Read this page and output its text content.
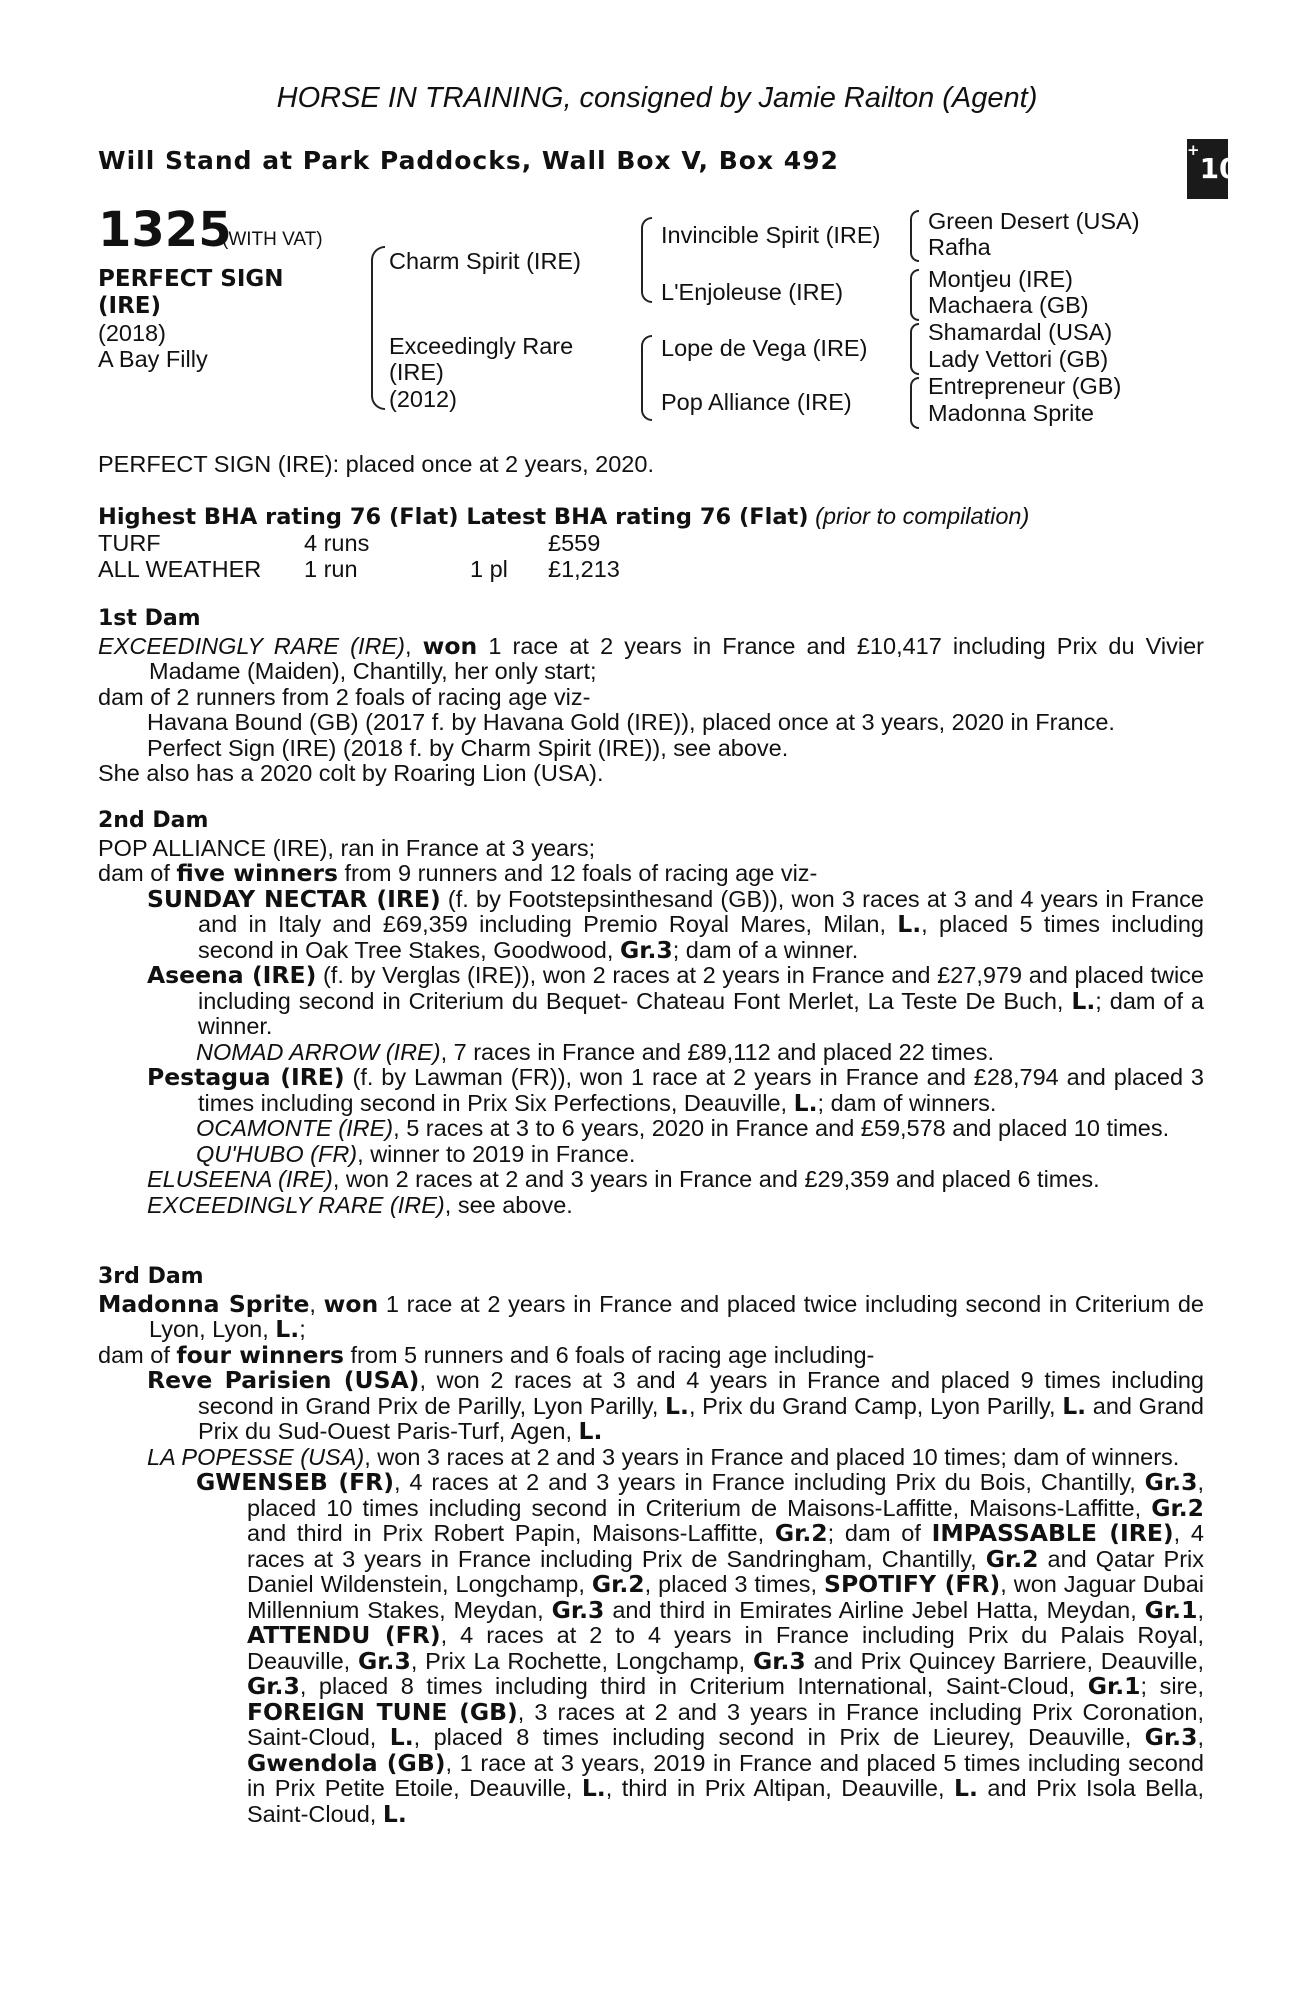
HORSE IN TRAINING, consigned by Jamie Railton (Agent)
Will Stand at Park Paddocks, Wall Box V, Box 492	+10
1325
(WITH VAT)
PERFECT SIGN
(IRE)
(2018)
A Bay Filly
Charm Spirit (IRE)
Exceedingly Rare
(IRE)
(2012)
Invincible Spirit (IRE)
L'Enjoleuse (IRE)
Lope de Vega (IRE)
Pop Alliance (IRE)
Green Desert (USA)
Rafha
Montjeu (IRE)
Machaera (GB)
Shamardal (USA)
Lady Vettori (GB)
Entrepreneur (GB)
Madonna Sprite
PERFECT SIGN (IRE): placed once at 2 years, 2020.
Highest BHA rating 76 (Flat) Latest BHA rating 76 (Flat) (prior to compilation)
TURF	4 runs	£559
ALL WEATHER 1 run	1 pl £1,213
1st Dam

EXCEEDINGLY RARE (IRE), won 1 race at 2 years in France and £10,417 including Prix du Vivier Madame (Maiden), Chantilly, her only start;

dam of 2 runners from 2 foals of racing age viz-

Havana Bound (GB) (2017 f. by Havana Gold (IRE)), placed once at 3 years, 2020 in France.

Perfect Sign (IRE) (2018 f. by Charm Spirit (IRE)), see above.

She also has a 2020 colt by Roaring Lion (USA).

2nd Dam

POP ALLIANCE (IRE), ran in France at 3 years;

dam of five winners from 9 runners and 12 foals of racing age viz-

SUNDAY NECTAR (IRE) (f. by Footstepsinthesand (GB)), won 3 races at 3 and 4 years in France and in Italy and £69,359 including Premio Royal Mares, Milan, L., placed 5 times including second in Oak Tree Stakes, Goodwood, Gr.3; dam of a winner.

Aseena (IRE) (f. by Verglas (IRE)), won 2 races at 2 years in France and £27,979 and placed twice including second in Criterium du Bequet- Chateau Font Merlet, La Teste De Buch, L.; dam of a winner.

NOMAD ARROW (IRE), 7 races in France and £89,112 and placed 22 times.

Pestagua (IRE) (f. by Lawman (FR)), won 1 race at 2 years in France and £28,794 and placed 3 times including second in Prix Six Perfections, Deauville, L.; dam of winners.

OCAMONTE (IRE), 5 races at 3 to 6 years, 2020 in France and £59,578 and placed 10 times.

QU'HUBO (FR), winner to 2019 in France.

ELUSEENA (IRE), won 2 races at 2 and 3 years in France and £29,359 and placed 6 times.

EXCEEDINGLY RARE (IRE), see above.

3rd Dam

Madonna Sprite, won 1 race at 2 years in France and placed twice including second in Criterium de Lyon, Lyon, L.;

dam of four winners from 5 runners and 6 foals of racing age including-

Reve Parisien (USA), won 2 races at 3 and 4 years in France and placed 9 times including second in Grand Prix de Parilly, Lyon Parilly, L., Prix du Grand Camp, Lyon Parilly, L. and Grand Prix du Sud-Ouest Paris-Turf, Agen, L.

LA POPESSE (USA), won 3 races at 2 and 3 years in France and placed 10 times; dam of winners.

GWENSEB (FR), 4 races at 2 and 3 years in France including Prix du Bois, Chantilly, Gr.3, placed 10 times including second in Criterium de Maisons-Laffitte, Maisons-Laffitte, Gr.2 and third in Prix Robert Papin, Maisons-Laffitte, Gr.2; dam of IMPASSABLE (IRE), 4 races at 3 years in France including Prix de Sandringham, Chantilly, Gr.2 and Qatar Prix Daniel Wildenstein, Longchamp, Gr.2, placed 3 times, SPOTIFY (FR), won Jaguar Dubai Millennium Stakes, Meydan, Gr.3 and third in Emirates Airline Jebel Hatta, Meydan, Gr.1, ATTENDU (FR), 4 races at 2 to 4 years in France including Prix du Palais Royal, Deauville, Gr.3, Prix La Rochette, Longchamp, Gr.3 and Prix Quincey Barriere, Deauville, Gr.3, placed 8 times including third in Criterium International, Saint-Cloud, Gr.1; sire, FOREIGN TUNE (GB), 3 races at 2 and 3 years in France including Prix Coronation, Saint-Cloud, L., placed 8 times including second in Prix de Lieurey, Deauville, Gr.3, Gwendola (GB), 1 race at 3 years, 2019 in France and placed 5 times including second in Prix Petite Etoile, Deauville, L., third in Prix Altipan, Deauville, L. and Prix Isola Bella, Saint-Cloud, L.
